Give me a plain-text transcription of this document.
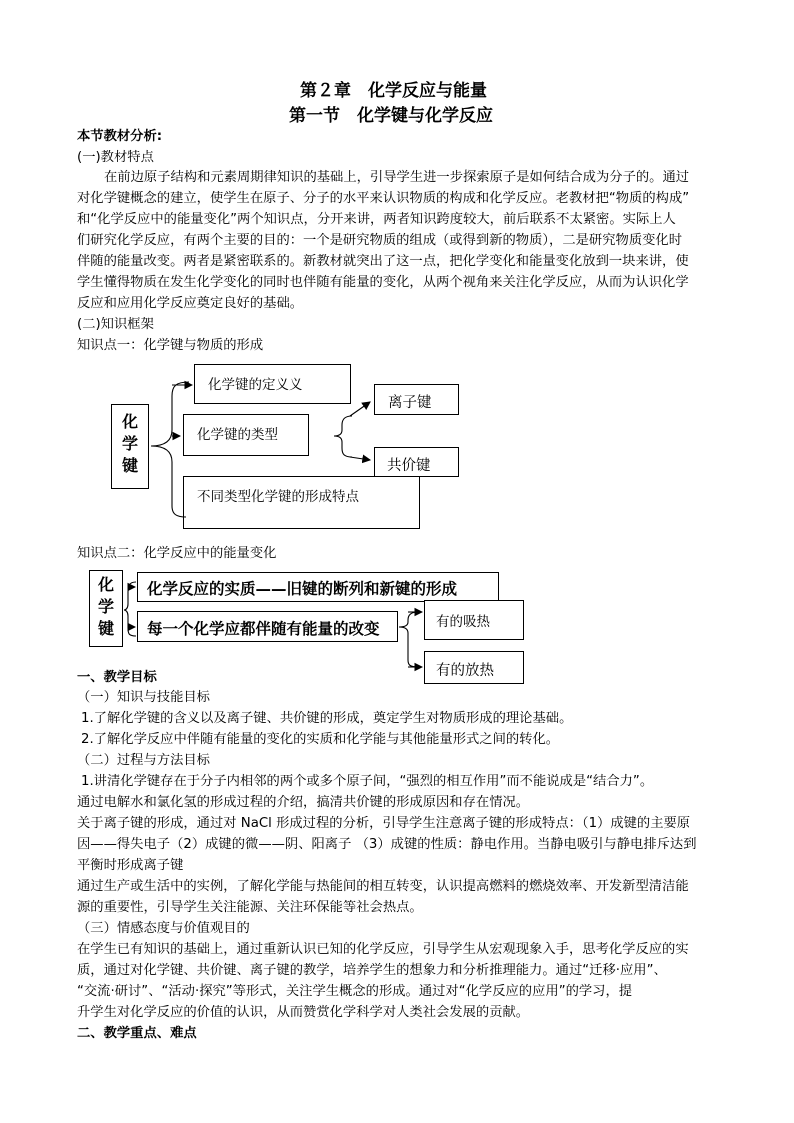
第２章　化学反应与能量
第一节　化学键与化学反应
本节教材分析:
(一)教材特点
在前边原子结构和元素周期律知识的基础上，引导学生进一步探索原子是如何结合成为分子的。通过
对化学键概念的建立，使学生在原子、分子的水平来认识物质的构成和化学反应。老教材把“物质的构成”
和“化学反应中的能量变化”两个知识点，分开来讲，两者知识跨度较大，前后联系不太紧密。实际上人
们研究化学反应，有两个主要的目的：一个是研究物质的组成（或得到新的物质），二是研究物质变化时
伴随的能量改变。两者是紧密联系的。新教材就突出了这一点，把化学变化和能量变化放到一块来讲，使
学生懂得物质在发生化学变化的同时也伴随有能量的变化，从两个视角来关注化学反应，从而为认识化学
反应和应用化学反应奠定良好的基础。
(二)知识框架
知识点一：化学键与物质的形成
化学键
化学键的定义义
化学键的类型
离子键
共价键
不同类型化学键的形成特点
知识点二：化学反应中的能量变化
化学键
化学反应的实质——旧键的断列和新键的形成
每一个化学应都伴随有能量的改变	有的吸热
有的放热
一、教学目标
（一）知识与技能目标
1.了解化学键的含义以及离子键、共价键的形成，奠定学生对物质形成的理论基础。
2.了解化学反应中伴随有能量的变化的实质和化学能与其他能量形式之间的转化。
（二）过程与方法目标
1.讲清化学键存在于分子内相邻的两个或多个原子间，“强烈的相互作用”而不能说成是“结合力”。
通过电解水和氯化氢的形成过程的介绍，搞清共价键的形成原因和存在情况。
关于离子键的形成，通过对 NaCl 形成过程的分析，引导学生注意离子键的形成特点：（1）成键的主要原
因——得失电子（2）成键的微——阴、阳离子 （3）成键的性质：静电作用。当静电吸引与静电排斥达到
平衡时形成离子键
通过生产或生活中的实例，了解化学能与热能间的相互转变，认识提高燃料的燃烧效率、开发新型清洁能
源的重要性，引导学生关注能源、关注环保能等社会热点。
（三）情感态度与价值观目的
在学生已有知识的基础上，通过重新认识已知的化学反应，引导学生从宏观现象入手，思考化学反应的实
质，通过对化学键、共价键、离子键的教学，培养学生的想象力和分析推理能力。通过“迁移·应用”、
“交流·研讨”、“活动·探究”等形式，关注学生概念的形成。通过对“化学反应的应用”的学习，提
升学生对化学反应的价值的认识，从而赞赏化学科学对人类社会发展的贡献。
二、教学重点、难点
